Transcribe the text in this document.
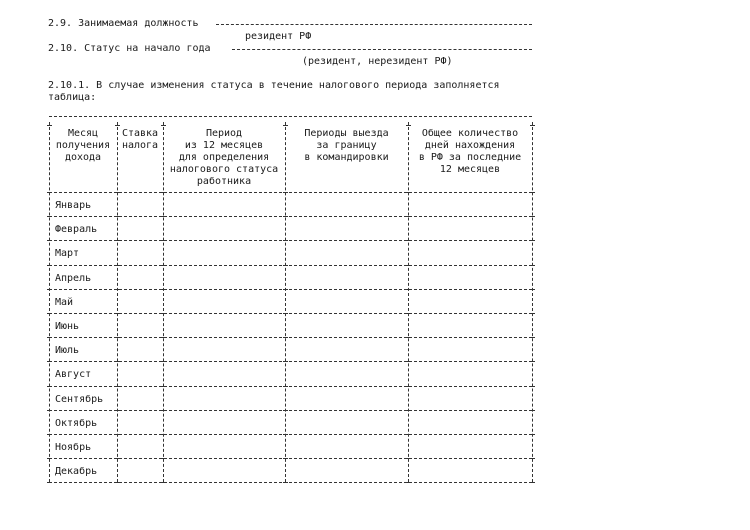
2.9. Занимаемая должность
резидент РФ
2.10. Статус на начало года
(резидент, нерезидент РФ)
2.10.1. В случае изменения статуса в течение налогового периода заполняется
таблица:
Месяц
получения
дохода
Ставка
налога
Период
из 12 месяцев
для определения
налогового статуса
работника
Периоды выезда
за границу
в командировки
Общее количество
дней нахождения
в РФ за последние
12 месяцев
Январь
Февраль
Март
Апрель
Май
Июнь
Июль
Август
Сентябрь
Октябрь
Ноябрь
Декабрь
